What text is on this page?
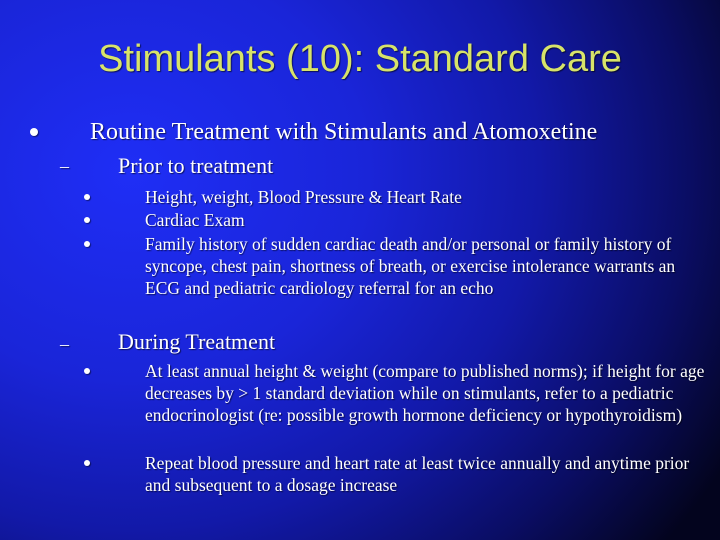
Stimulants (10): Standard Care
Routine Treatment with Stimulants and Atomoxetine
– Prior to treatment
Height, weight, Blood Pressure & Heart Rate
Cardiac Exam
Family history of sudden cardiac death and/or personal or family history of syncope, chest pain, shortness of breath, or exercise intolerance warrants an ECG and pediatric cardiology referral for an echo
– During Treatment
At least annual height & weight (compare to published norms); if height for age decreases by > 1 standard deviation while on stimulants, refer to a pediatric endocrinologist (re: possible growth hormone deficiency or hypothyroidism)
Repeat blood pressure and heart rate at least twice annually and anytime prior and subsequent to a dosage increase
